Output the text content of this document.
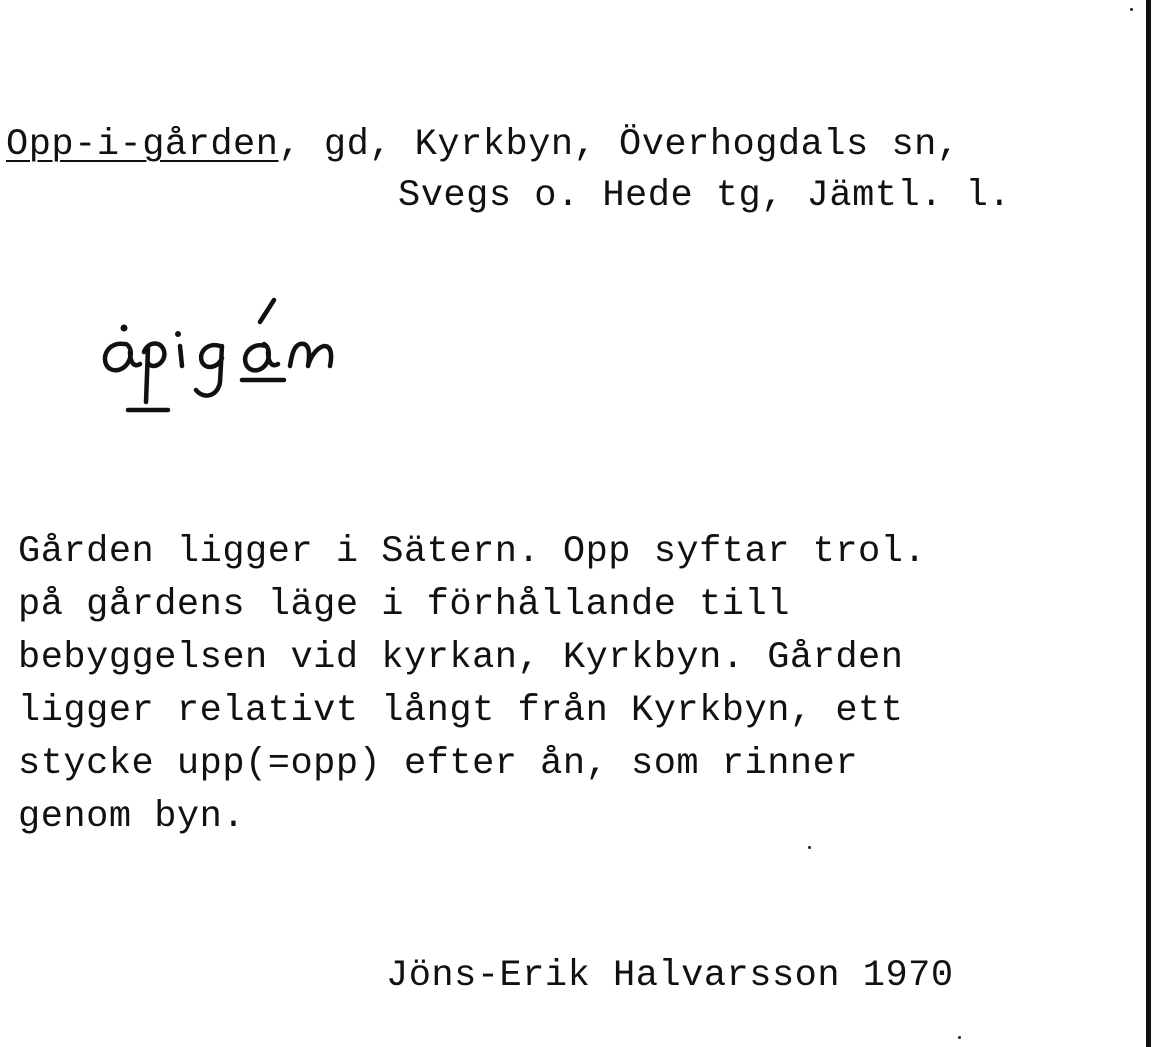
Opp-i-gården, gd, Kyrkbyn, Överhogdals sn,
Svegs o. Hede tg, Jämtl. l.
Gården ligger i Sätern. Opp syftar trol.
på gårdens läge i förhållande till
bebyggelsen vid kyrkan, Kyrkbyn. Gården
ligger relativt långt från Kyrkbyn, ett
stycke upp(=opp) efter ån, som rinner
genom byn.
Jöns-Erik Halvarsson 1970
